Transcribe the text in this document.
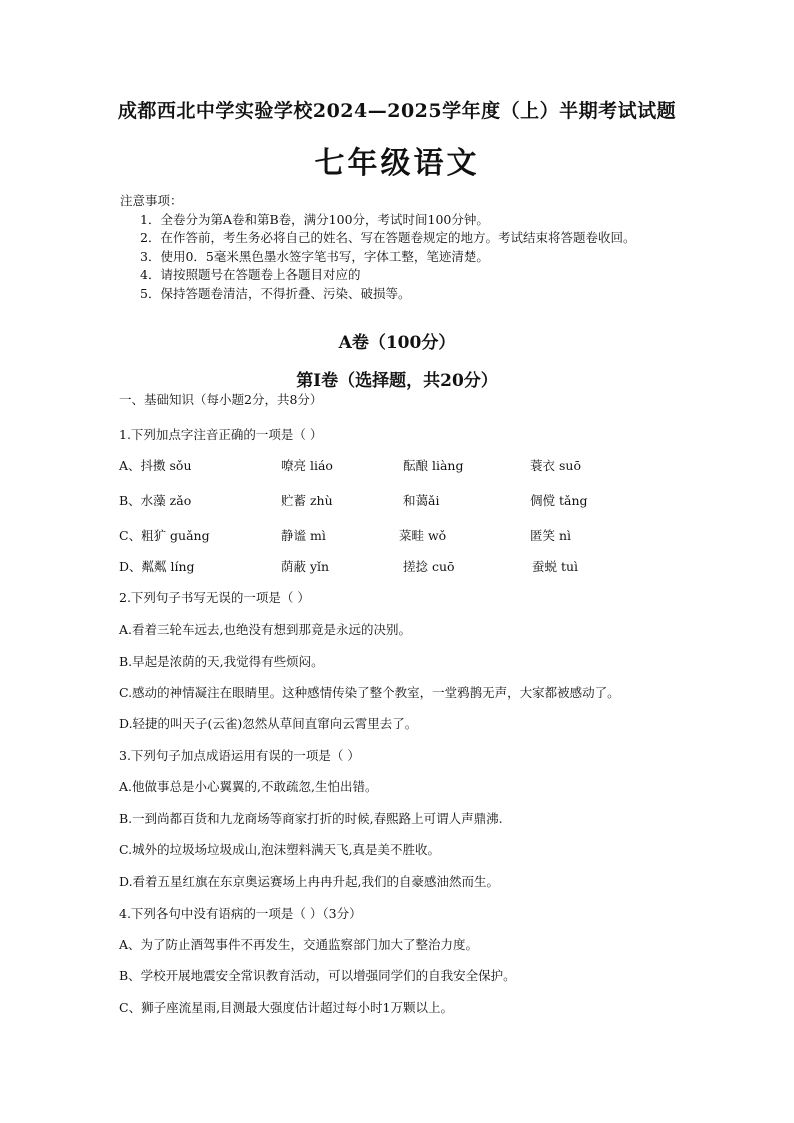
成都西北中学实验学校2024—2025学年度（上）半期考试试题
七年级语文
注意事项：
1．全卷分为第A卷和第B卷，满分100分，考试时间100分钟。
2．在作答前，考生务必将自己的姓名、写在答题卷规定的地方。考试结束将答题卷收回。
3．使用0．5毫米黑色墨水签字笔书写，字体工整，笔迹清楚。
4．请按照题号在答题卷上各题目对应的
5．保持答题卷清洁，不得折叠、污染、破损等。
A卷（100分）
第Ⅰ卷（选择题，共20分）
一、基础知识（每小题2分，共8分）
1.下列加点字注音正确的一项是（ ）
A、抖擞 sǒu	嘹亮 liáo	酝酿 liàng	蓑衣 suō
B、水藻 zǎo	贮蓄 zhù	和蔼ǎi	倜傥 tǎng
C、粗犷 guǎng	静谧 mì	菜畦 wǒ	匿笑 nì
D、粼粼 líng	荫蔽 yǐn	搓捻 cuō	蚕蜕 tuì
2.下列句子书写无误的一项是（ ）
A.看着三轮车远去,也绝没有想到那竟是永远的决别。
B.早起是浓荫的天,我觉得有些烦闷。
C.感动的神情凝注在眼睛里。这种感情传染了整个教室，一堂鸦鹊无声，大家都被感动了。
D.轻捷的叫天子(云雀)忽然从草间直窜向云霄里去了。
3.下列句子加点成语运用有误的一项是（ ）
A.他做事总是小心翼翼的,不敢疏忽,生怕出错。
B.一到尚都百货和九龙商场等商家打折的时候,春熙路上可谓人声鼎沸.
C.城外的垃圾场垃圾成山,泡沫塑料满天飞,真是美不胜收。
D.看着五星红旗在东京奥运赛场上冉冉升起,我们的自豪感油然而生。
4.下列各句中没有语病的一项是（ ）（3分）
A、为了防止酒驾事件不再发生，交通监察部门加大了整治力度。
B、学校开展地震安全常识教育活动，可以增强同学们的自我安全保护。
C、狮子座流星雨,目测最大强度估计超过每小时1万颗以上。
